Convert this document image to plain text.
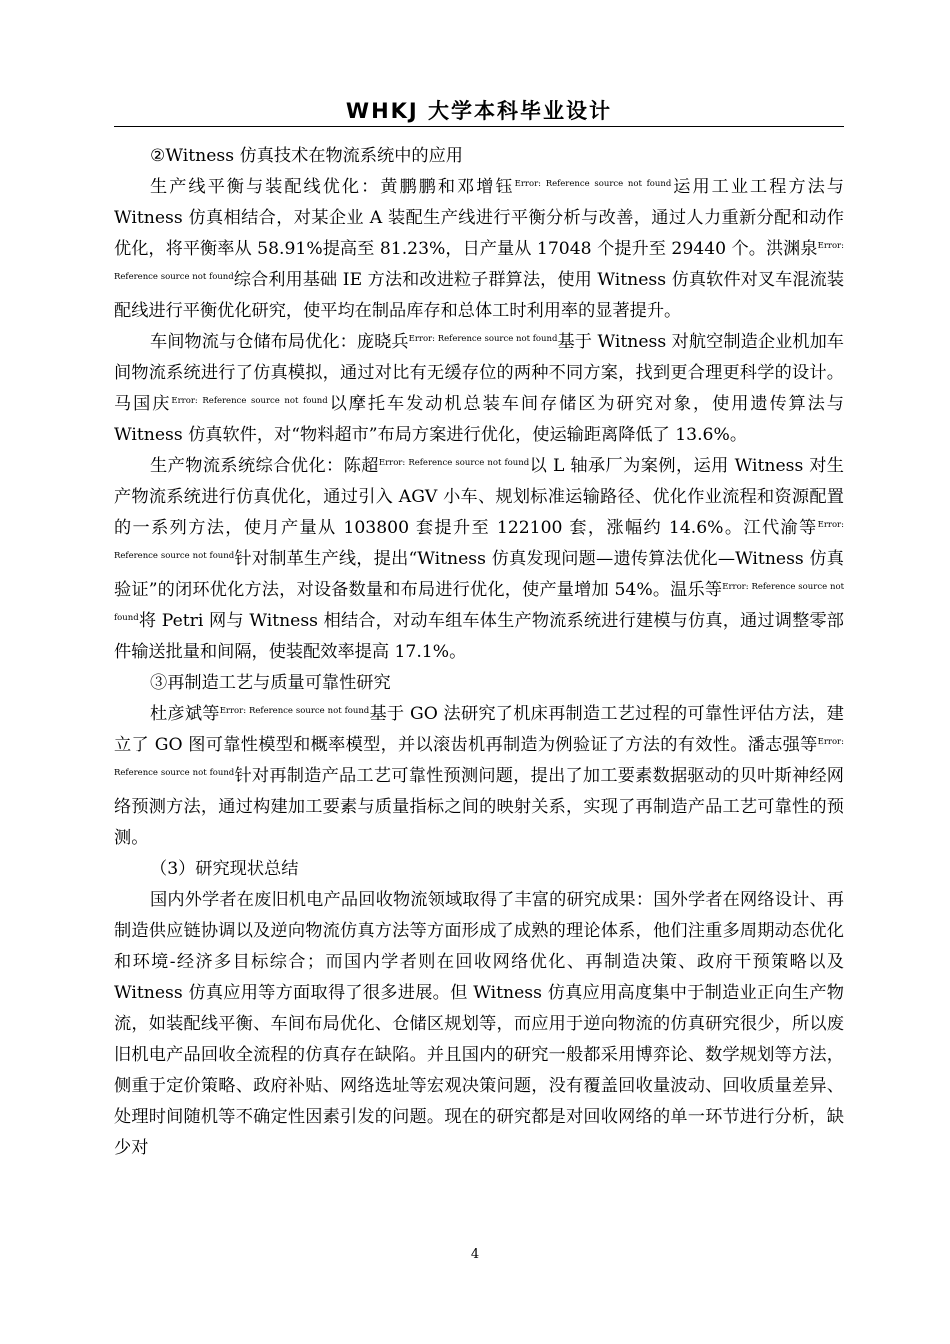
WHKJ 大学本科毕业设计

②Witness 仿真技术在物流系统中的应用

生产线平衡与装配线优化：黄鹏鹏和邓增钰$^{Error: Reference source not found}$运用工业工程方法与 Witness 仿真相结合，对某企业 A 装配生产线进行平衡分析与改善，通过人力重新分配和动作优化，将平衡率从 58.91%提高至 81.23%，日产量从 17048 个提升至 29440 个。洪渊泉$^{Error: Reference source not found}$综合利用基础 IE 方法和改进粒子群算法，使用 Witness 仿真软件对叉车混流装配线进行平衡优化研究，使平均在制品库存和总体工时利用率的显著提升。

车间物流与仓储布局优化：庞晓兵$^{Error: Reference source not found}$基于 Witness 对航空制造企业机加车间物流系统进行了仿真模拟，通过对比有无缓存位的两种不同方案，找到更合理更科学的设计。马国庆$^{Error: Reference source not found}$以摩托车发动机总装车间存储区为研究对象，使用遗传算法与 Witness 仿真软件，对“物料超市”布局方案进行优化，使运输距离降低了 13.6%。

生产物流系统综合优化：陈超$^{Error: Reference source not found}$以 L 轴承厂为案例，运用 Witness 对生产物流系统进行仿真优化，通过引入 AGV 小车、规划标准运输路径、优化作业流程和资源配置的一系列方法，使月产量从 103800 套提升至 122100 套，涨幅约 14.6%。江代渝等$^{Error: Reference source not found}$针对制革生产线，提出“Witness 仿真发现问题—遗传算法优化—Witness 仿真验证”的闭环优化方法，对设备数量和布局进行优化，使产量增加 54%。温乐等$^{Error: Reference source not found}$将 Petri 网与 Witness 相结合，对动车组车体生产物流系统进行建模与仿真，通过调整零部件输送批量和间隔，使装配效率提高 17.1%。

③再制造工艺与质量可靠性研究

杜彦斌等$^{Error: Reference source not found}$基于 GO 法研究了机床再制造工艺过程的可靠性评估方法，建立了 GO 图可靠性模型和概率模型，并以滚齿机再制造为例验证了方法的有效性。潘志强等$^{Error: Reference source not found}$针对再制造产品工艺可靠性预测问题，提出了加工要素数据驱动的贝叶斯神经网络预测方法，通过构建加工要素与质量指标之间的映射关系，实现了再制造产品工艺可靠性的预测。

（3）研究现状总结

国内外学者在废旧机电产品回收物流领域取得了丰富的研究成果：国外学者在网络设计、再制造供应链协调以及逆向物流仿真方法等方面形成了成熟的理论体系，他们注重多周期动态优化和环境-经济多目标综合；而国内学者则在回收网络优化、再制造决策、政府干预策略以及 Witness 仿真应用等方面取得了很多进展。但 Witness 仿真应用高度集中于制造业正向生产物流，如装配线平衡、车间布局优化、仓储区规划等，而应用于逆向物流的仿真研究很少，所以废旧机电产品回收全流程的仿真存在缺陷。并且国内的研究一般都采用博弈论、数学规划等方法，侧重于定价策略、政府补贴、网络选址等宏观决策问题，没有覆盖回收量波动、回收质量差异、处理时间随机等不确定性因素引发的问题。现在的研究都是对回收网络的单一环节进行分析，缺少对

4
